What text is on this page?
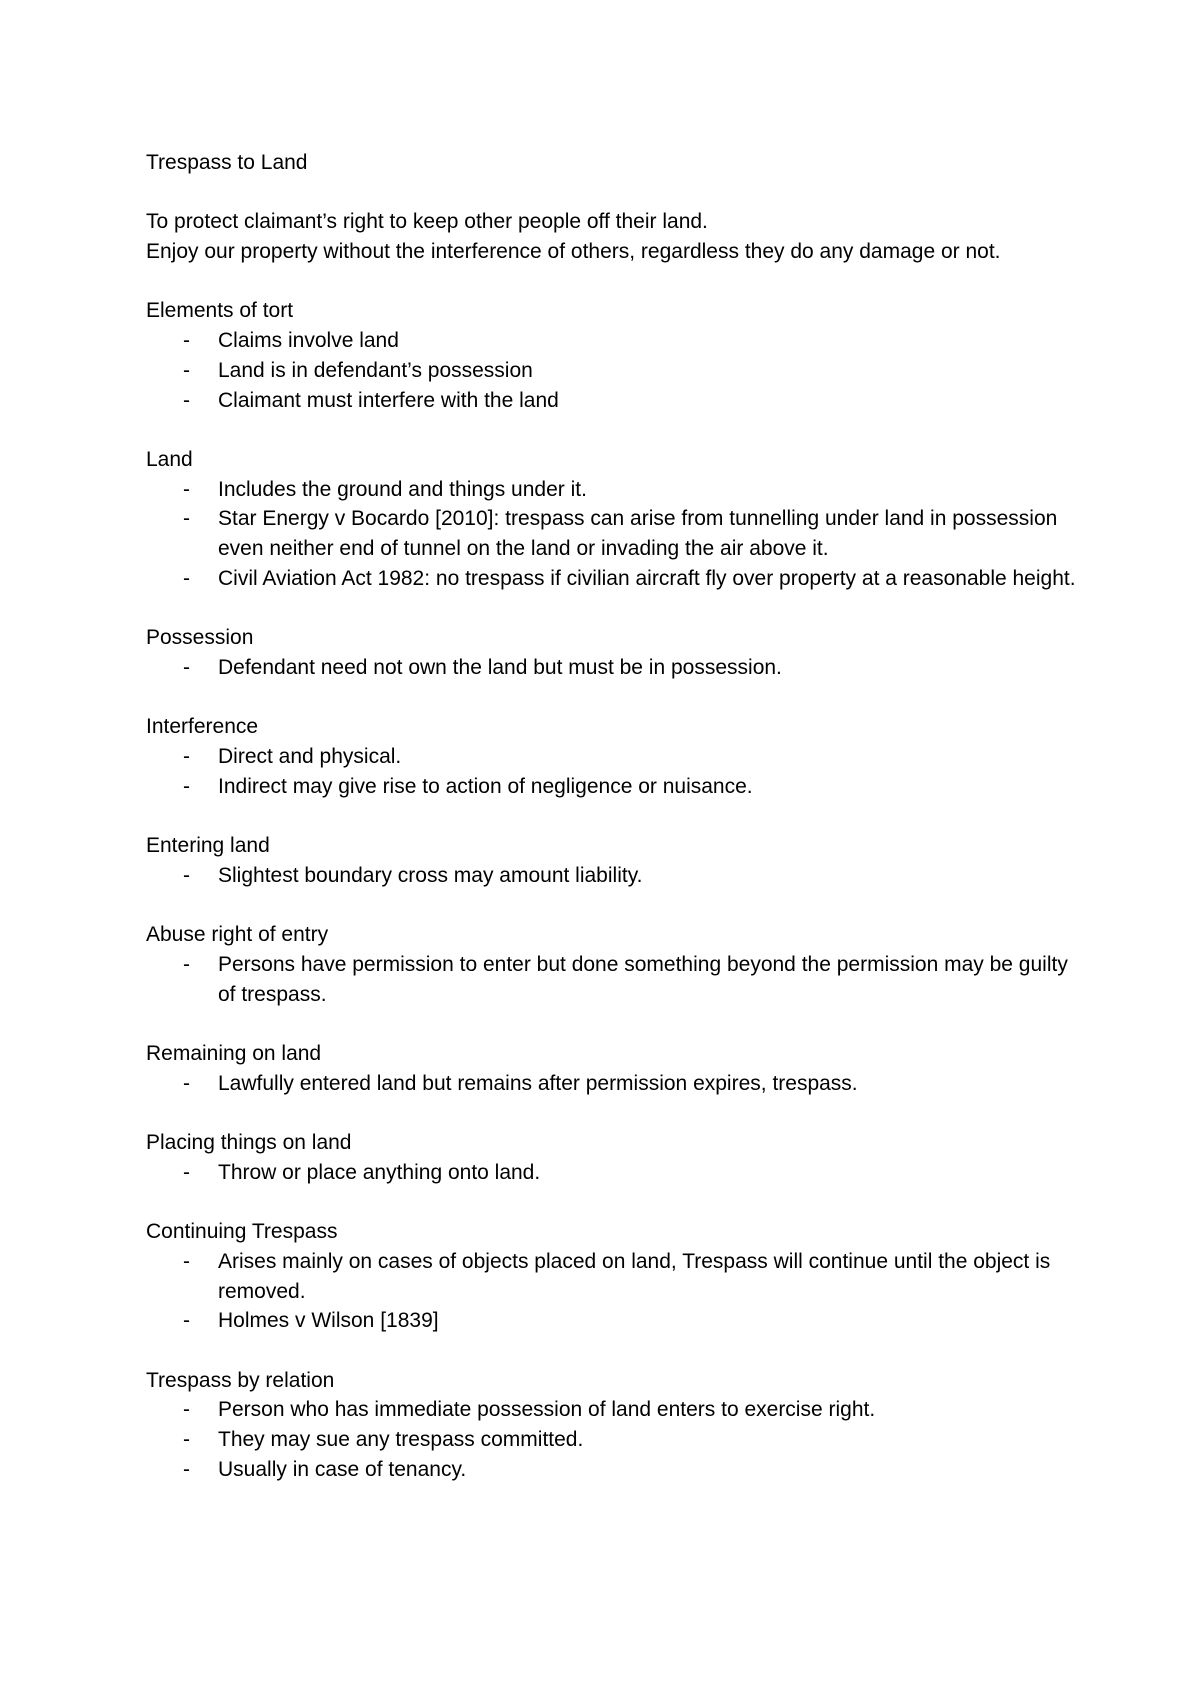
Trespass to Land

To protect claimant’s right to keep other people off their land.

Enjoy our property without the interference of others, regardless they do any damage or not.

Elements of tort

- Claims involve land
- Land is in defendant’s possession
- Claimant must interfere with the land

Land

- Includes the ground and things under it.
- Star Energy v Bocardo [2010]: trespass can arise from tunnelling under land in possession even neither end of tunnel on the land or invading the air above it.
- Civil Aviation Act 1982: no trespass if civilian aircraft fly over property at a reasonable height.

Possession

- Defendant need not own the land but must be in possession.

Interference

- Direct and physical.
- Indirect may give rise to action of negligence or nuisance.

Entering land

- Slightest boundary cross may amount liability.

Abuse right of entry

- Persons have permission to enter but done something beyond the permission may be guilty of trespass.

Remaining on land

- Lawfully entered land but remains after permission expires, trespass.

Placing things on land

- Throw or place anything onto land.

Continuing Trespass

- Arises mainly on cases of objects placed on land, Trespass will continue until the object is removed.
- Holmes v Wilson [1839]

Trespass by relation

- Person who has immediate possession of land enters to exercise right.
- They may sue any trespass committed.
- Usually in case of tenancy.
